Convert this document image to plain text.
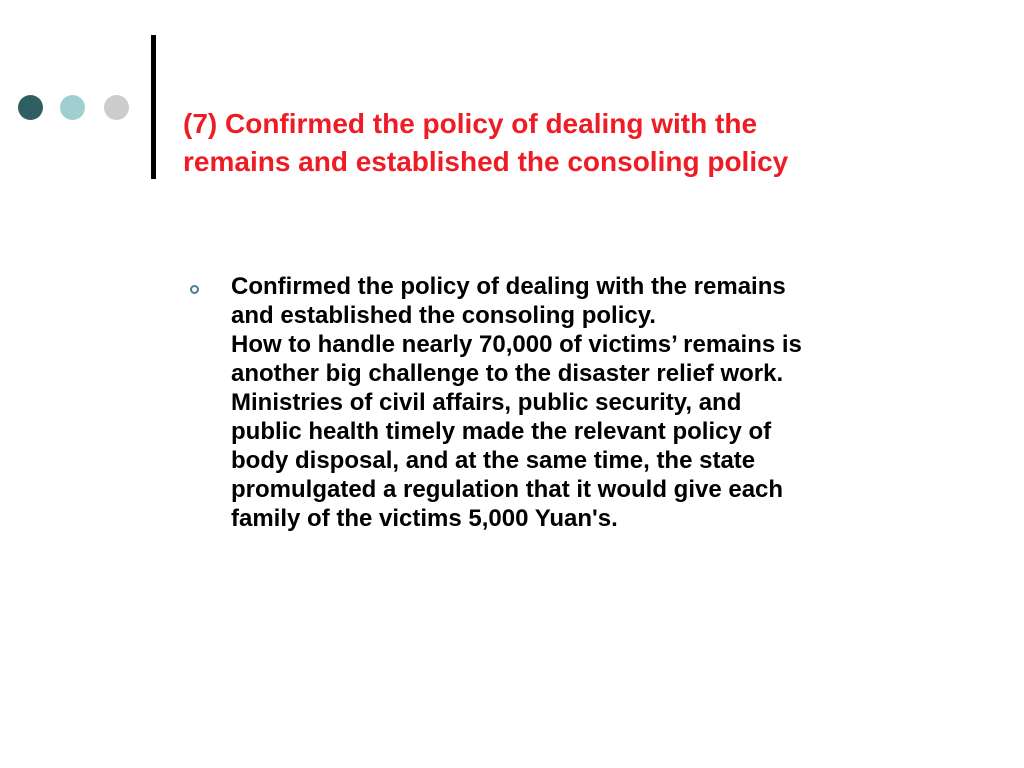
(7) Confirmed the policy of dealing with the
remains and established the consoling policy
Confirmed the policy of dealing with the remains
and established the consoling policy.
How to handle nearly 70,000 of victims’ remains is
another big challenge to the disaster relief work.
Ministries of civil affairs, public security, and
public health timely made the relevant policy of
body disposal, and at the same time, the state
promulgated a regulation that it would give each
family of the victims 5,000 Yuan's.
